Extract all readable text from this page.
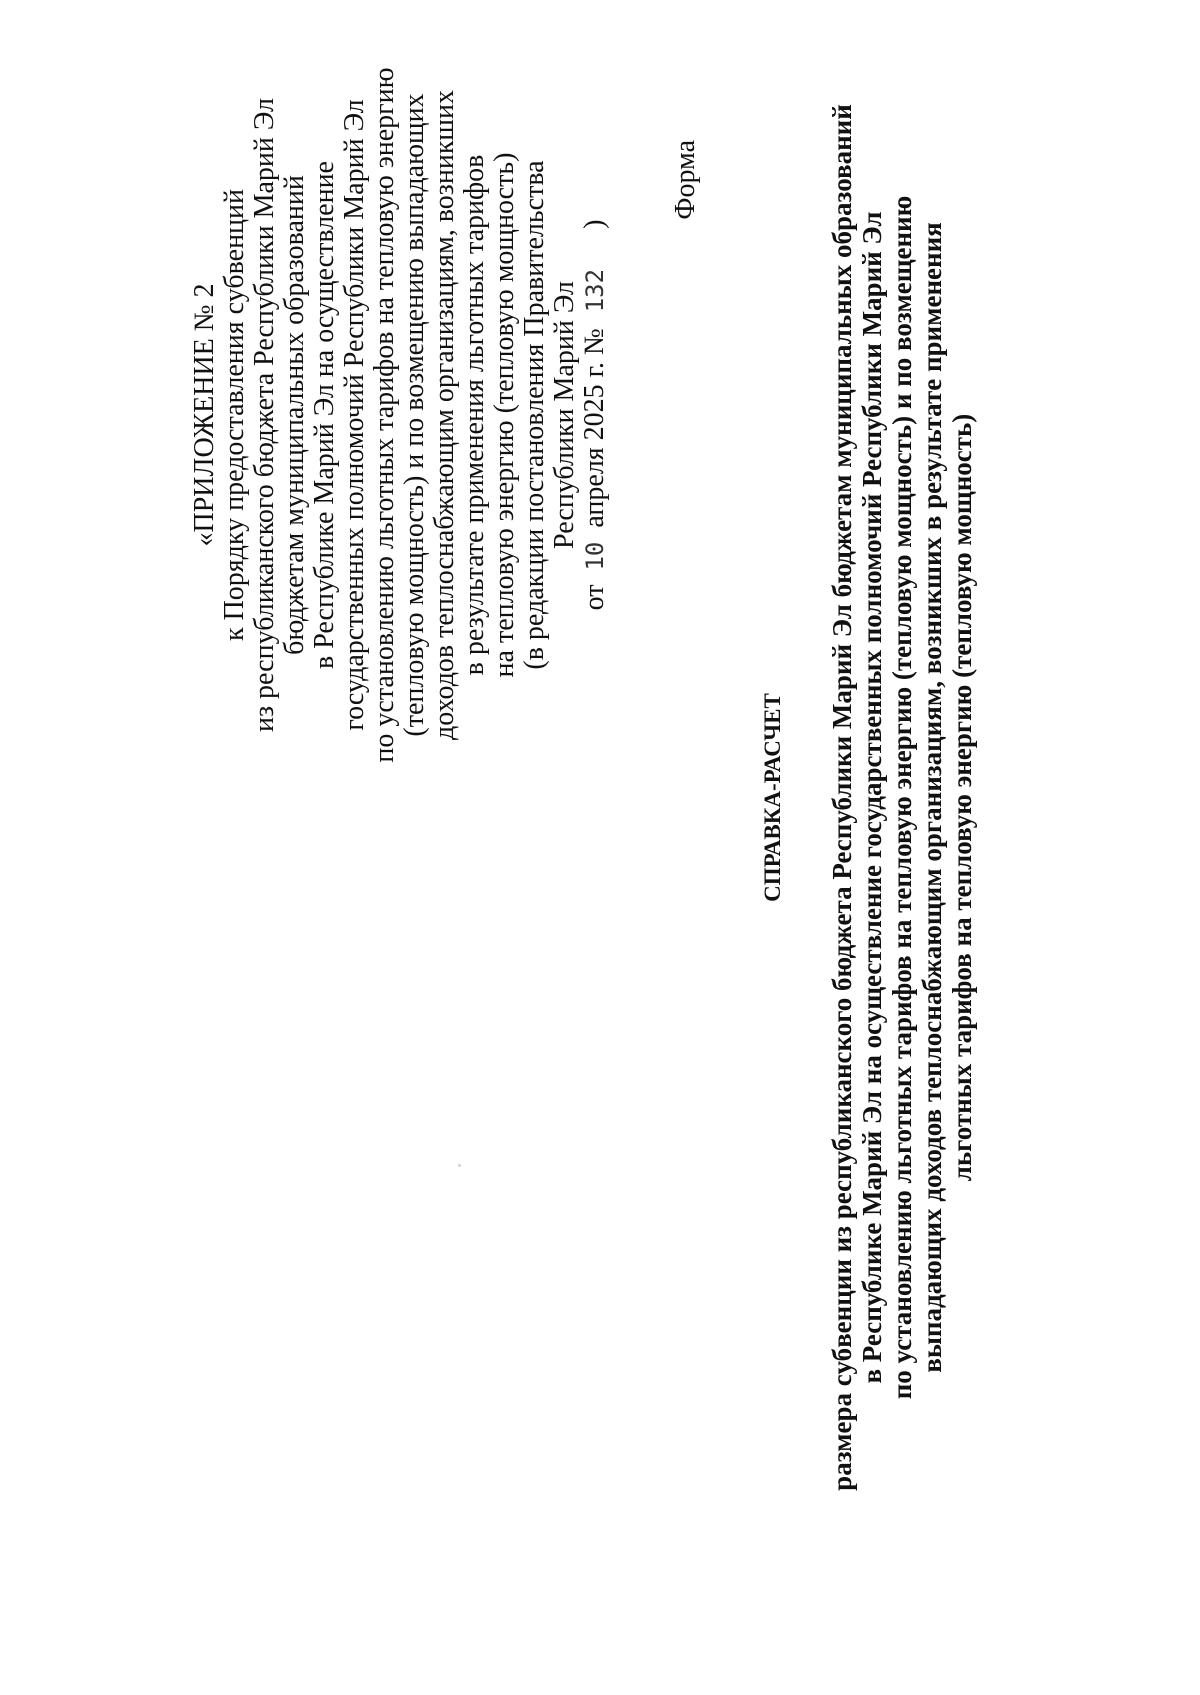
«ПРИЛОЖЕНИЕ № 2 к Порядку предоставления субвенций из республиканского бюджета Республики Марий Эл бюджетам муниципальных образований в Республике Марий Эл на осуществление государственных полномочий Республики Марий Эл по установлению льготных тарифов на тепловую энергию (тепловую мощность) и по возмещению выпадающих доходов теплоснабжающим организациям, возникших в результате применения льготных тарифов на тепловую энергию (тепловую мощность) (в редакции постановления Правительства Республики Марий Эл
от10апреля 2025 г. №132)
Форма
СПРАВКА-РАСЧЕТ размера субвенции из республиканского бюджета Республики Марий Эл бюджетам муниципальных образований в Республике Марий Эл на осуществление государственных полномочий Республики Марий Эл по установлению льготных тарифов на тепловую энергию (тепловую мощность) и по возмещению выпадающих доходов теплоснабжающим организациям, возникших в результате применения льготных тарифов на тепловую энергию (тепловую мощность)
